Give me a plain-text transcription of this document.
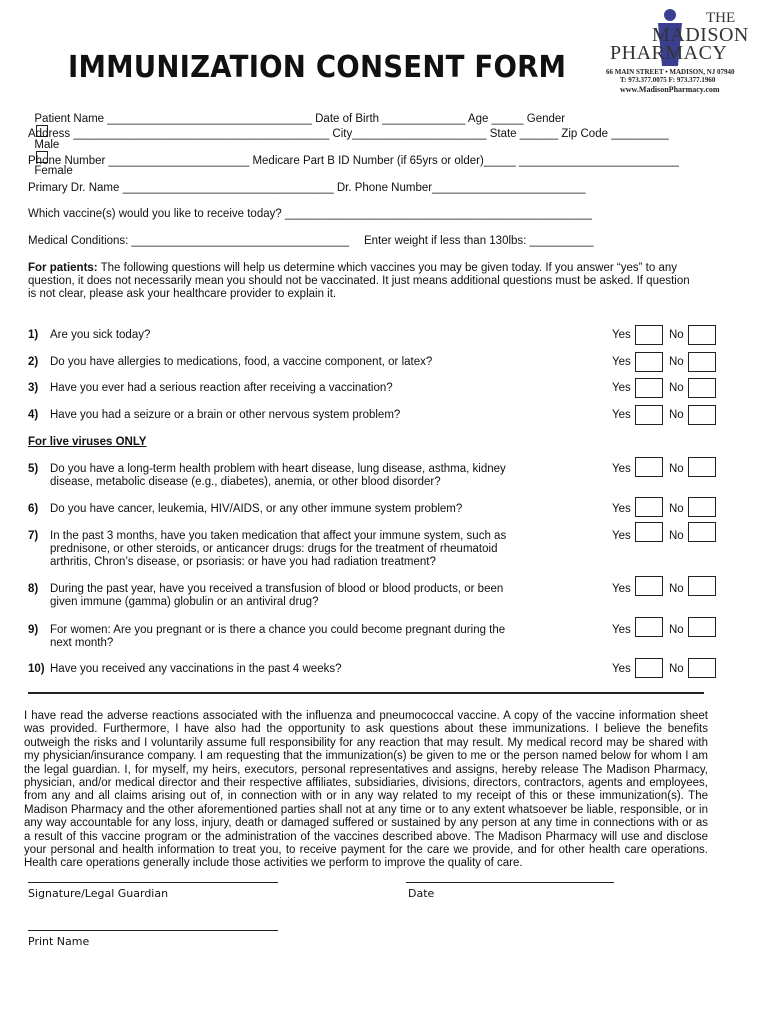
IMMUNIZATION CONSENT FORM
THE
MADISON
PHARMACY
66 MAIN STREET • MADISON, NJ 07940
T: 973.377.0075 F: 973.377.1960
www.MadisonPharmacy.com

Patient Name ________________________________ Date of Birth _____________ Age _____ Gender

Male

Female

Address ________________________________________ City_____________________ State ______ Zip Code _________
Phone Number ______________________ Medicare Part B ID Number (if 65yrs or older)_____ _________________________
Primary Dr. Name _________________________________ Dr. Phone Number________________________
Which vaccine(s) would you like to receive today? ________________________________________________
Medical Conditions: __________________________________ Enter weight if less than 130lbs: __________
For patients: The following questions will help us determine which vaccines you may be given today. If you answer “yes” to any question, it does not necessarily mean you should not be vaccinated. It just means additional questions must be asked. If question is not clear, please ask your healthcare provider to explain it.
1) Are you sick today?	Yes	No
2) Do you have allergies to medications, food, a vaccine component, or latex?	Yes	No
3) Have you ever had a serious reaction after receiving a vaccination?	Yes	No
4) Have you had a seizure or a brain or other nervous system problem?	Yes	No
5) Do you have a long-term health problem with heart disease, lung disease, asthma, kidney disease, metabolic disease (e.g., diabetes), anemia, or other blood disorder?
Yes	No
6) Do you have cancer, leukemia, HIV/AIDS, or any other immune system problem?	Yes	No
7) In the past 3 months, have you taken medication that affect your immune system, such as prednisone, or other steroids, or anticancer drugs: drugs for the treatment of rheumatoid arthritis, Chron’s disease, or psoriasis: or have you had radiation treatment?
Yes	No
8) During the past year, have you received a transfusion of blood or blood products, or been given immune (gamma) globulin or an antiviral drug?
Yes	No
9) For women: Are you pregnant or is there a chance you could become pregnant during the next month?
Yes	No
10) Have you received any vaccinations in the past 4 weeks?	Yes	No
For live viruses ONLY
I have read the adverse reactions associated with the influenza and pneumococcal vaccine. A copy of the vaccine information sheet was provided. Furthermore, I have also had the opportunity to ask questions about these immunizations. I believe the benefits outweigh the risks and I voluntarily assume full responsibility for any reaction that may result. My medical record may be shared with my physician/insurance company. I am requesting that the immunization(s) be given to me or the person named below for whom I am the legal guardian. I, for myself, my heirs, executors, personal representatives and assigns, hereby release The Madison Pharmacy, physician, and/or medical director and their respective affiliates, subsidiaries, divisions, directors, contractors, agents and employees, from any and all claims arising out of, in connection with or in any way related to my receipt of this or these immunization(s). The Madison Pharmacy and the other aforementioned parties shall not at any time or to any extent whatsoever be liable, responsible, or in any way accountable for any loss, injury, death or damaged suffered or sustained by any person at any time in connections with or as a result of this vaccine program or the administration of the vaccines described above. The Madison Pharmacy will use and disclose your personal and health information to treat you, to receive payment for the care we provide, and for other health care operations. Health care operations generally include those activities we perform to improve the quality of care.
Signature/Legal Guardian	Date
Print Name
